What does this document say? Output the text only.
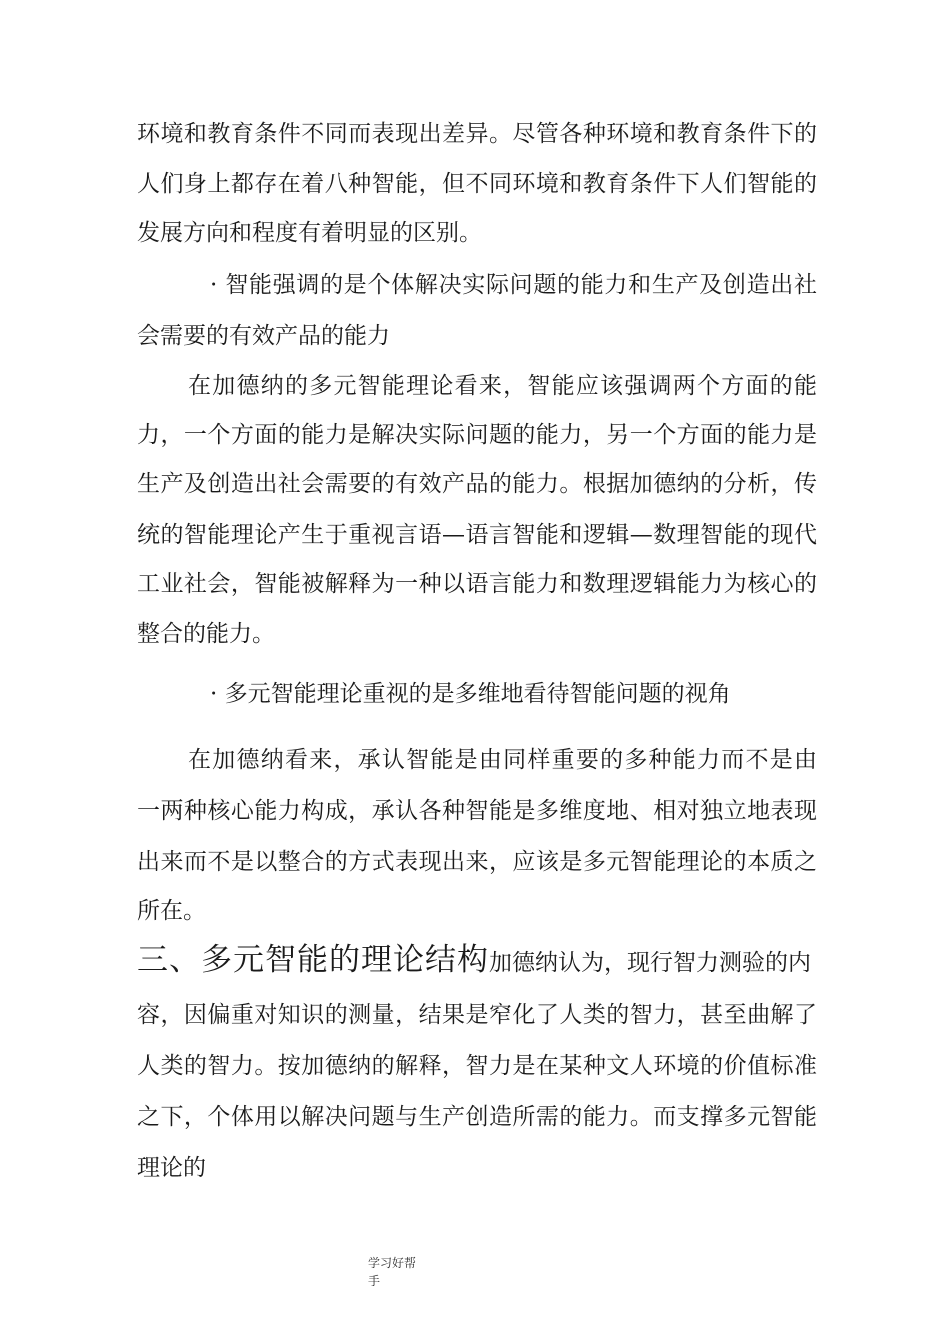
环境和教育条件不同而表现出差异。尽管各种环境和教育条件下的
人们身上都存在着八种智能，但不同环境和教育条件下人们智能的
发展方向和程度有着明显的区别。
· 智能强调的是个体解决实际问题的能力和生产及创造出社
会需要的有效产品的能力
在加德纳的多元智能理论看来，智能应该强调两个方面的能
力，一个方面的能力是解决实际问题的能力，另一个方面的能力是
生产及创造出社会需要的有效产品的能力。根据加德纳的分析，传
统的智能理论产生于重视言语—语言智能和逻辑—数理智能的现代
工业社会，智能被解释为一种以语言能力和数理逻辑能力为核心的
整合的能力。
· 多元智能理论重视的是多维地看待智能问题的视角
在加德纳看来，承认智能是由同样重要的多种能力而不是由
一两种核心能力构成，承认各种智能是多维度地、相对独立地表现
出来而不是以整合的方式表现出来，应该是多元智能理论的本质之
所在。
三、多元智能的理论结构加德纳认为，现行智力测验的内
容，因偏重对知识的测量，结果是窄化了人类的智力，甚至曲解了
人类的智力。按加德纳的解释，智力是在某种文人环境的价值标准
之下，个体用以解决问题与生产创造所需的能力。而支撑多元智能
理论的
学习好帮
手
